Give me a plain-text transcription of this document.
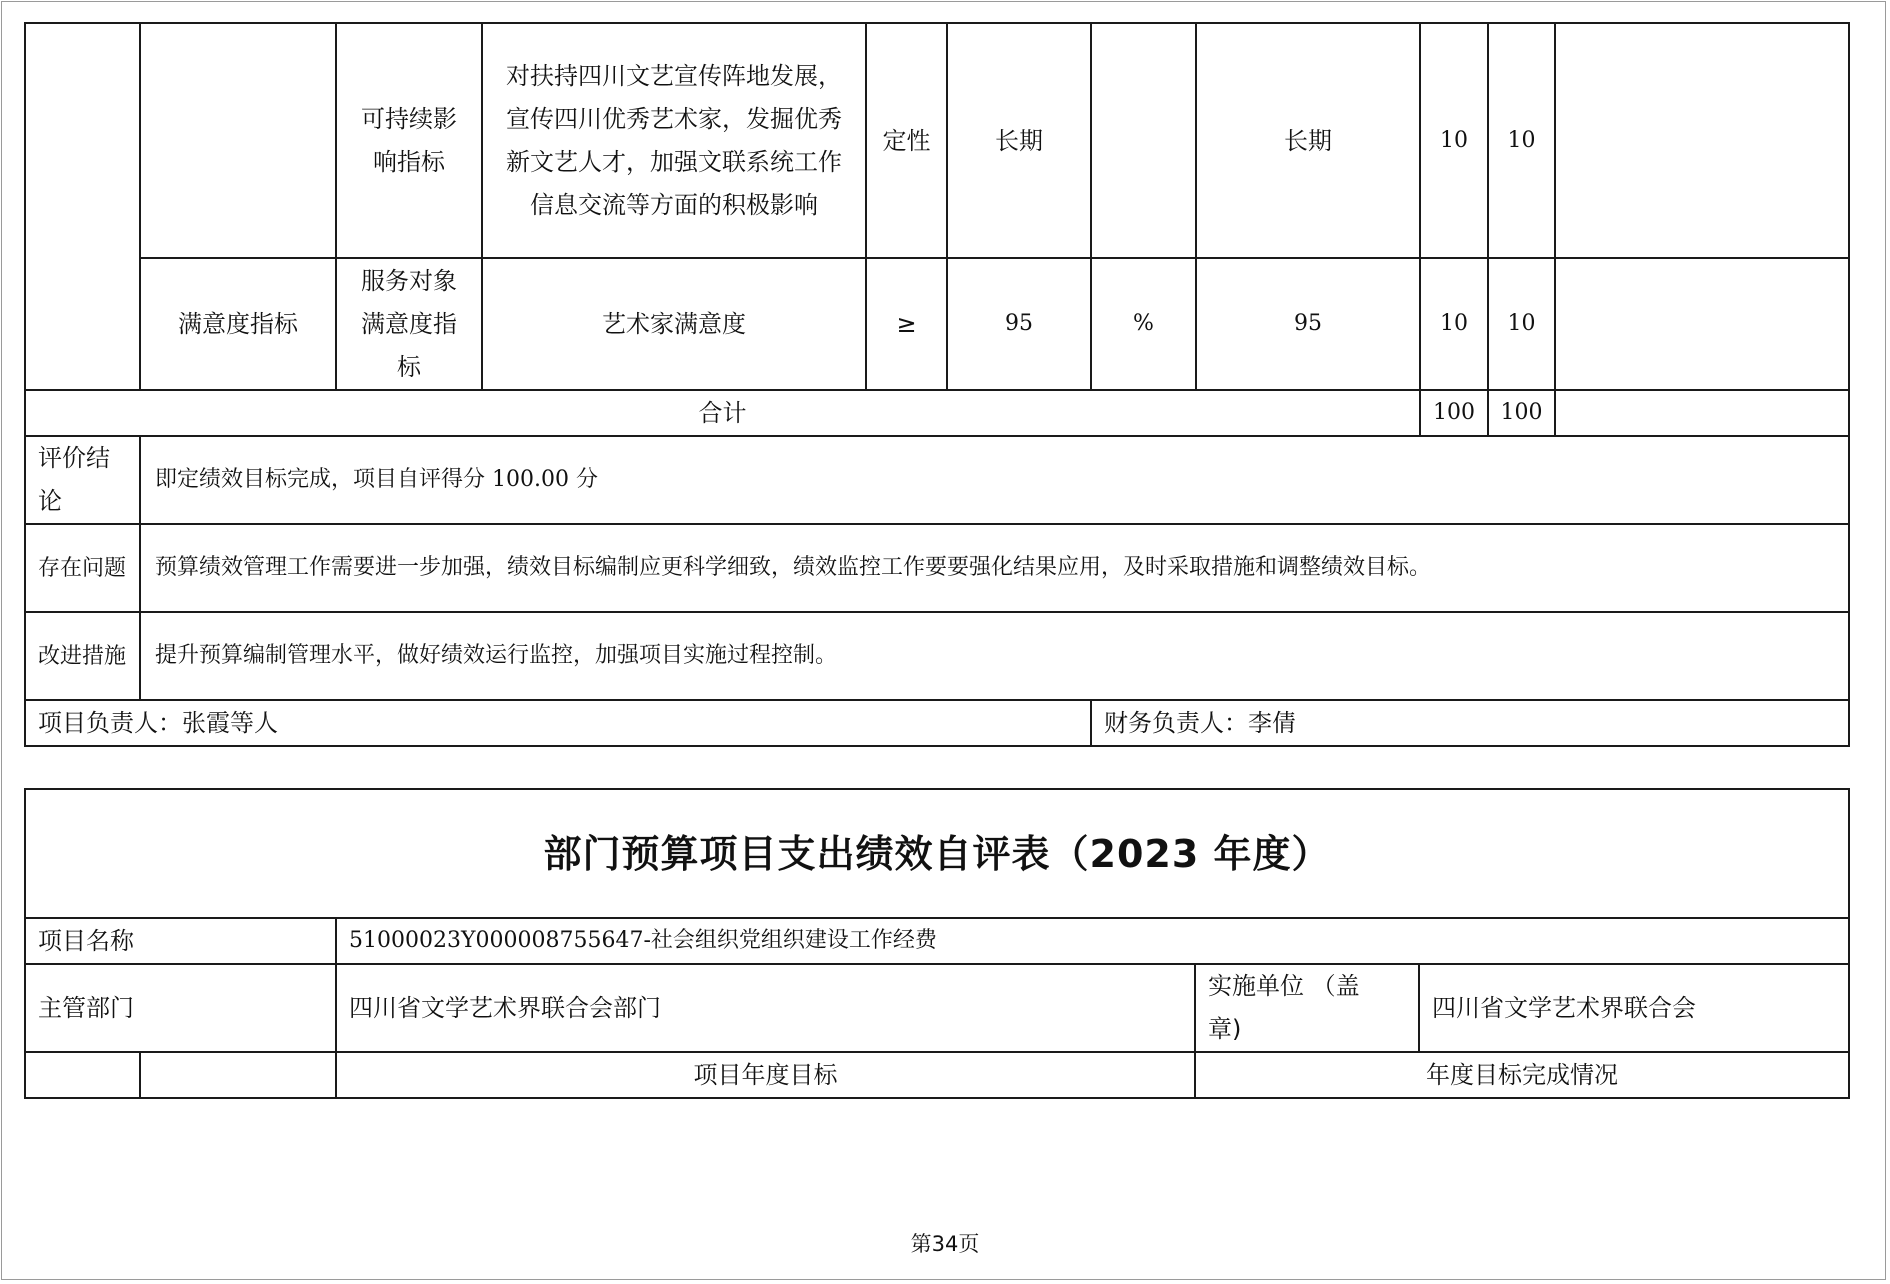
		可持续影响指标	对扶持四川文艺宣传阵地发展，宣传四川优秀艺术家，发掘优秀新文艺人才，加强文联系统工作信息交流等方面的积极影响	定性	长期		长期	10	10	
	满意度指标	服务对象满意度指标	艺术家满意度	≥	95	%	95	10	10	
合计								100	100	
评价结论	即定绩效目标完成，项目自评得分 100.00 分									
存在问题	预算绩效管理工作需要进一步加强，绩效目标编制应更科学细致，绩效监控工作要要强化结果应用，及时采取措施和调整绩效目标。									
改进措施	提升预算编制管理水平，做好绩效运行监控，加强项目实施过程控制。									
项目负责人：张霞等人						财务负责人：李倩				
部门预算项目支出绩效自评表（2023 年度）				
项目名称		51000023Y000008755647-社会组织党组织建设工作经费		
主管部门		四川省文学艺术界联合会部门	实施单位 （盖章)	四川省文学艺术界联合会
		项目年度目标	年度目标完成情况	
第34页
